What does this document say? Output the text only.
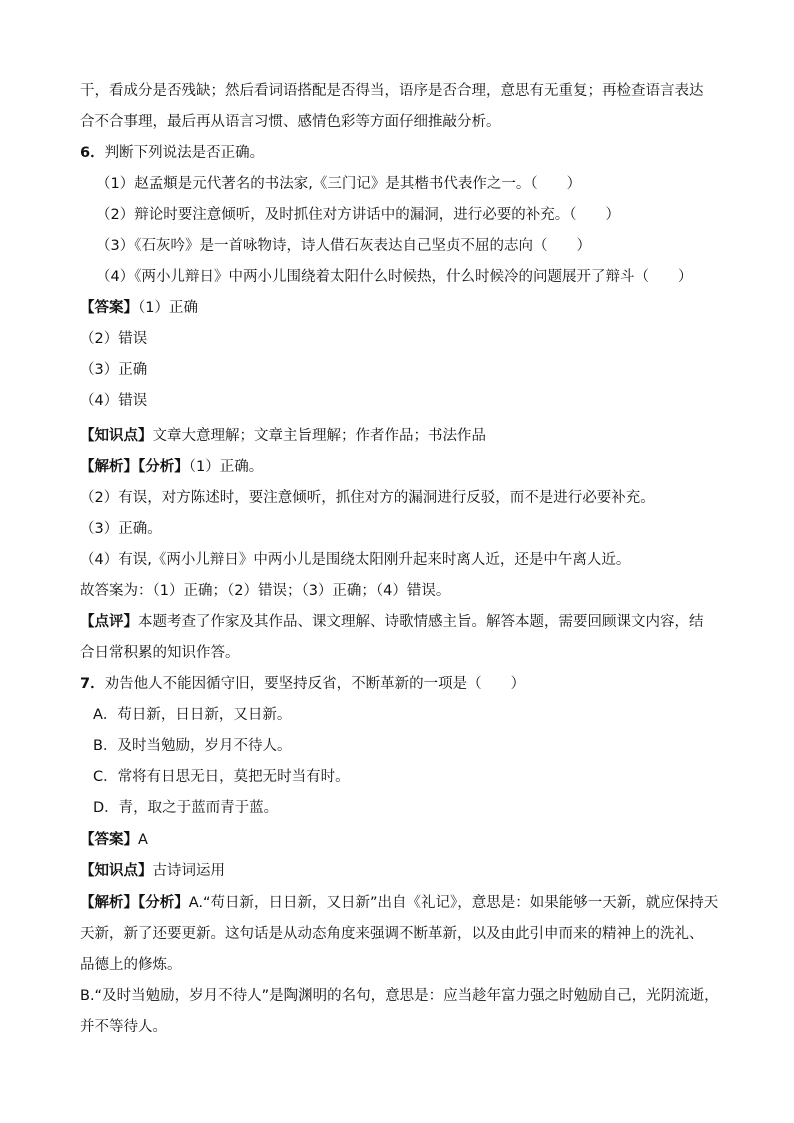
干，看成分是否残缺；然后看词语搭配是否得当，语序是否合理，意思有无重复；再检查语言表达
合不合事理，最后再从语言习惯、感情色彩等方面仔细推敲分析。
6．判断下列说法是否正确。
（1）赵孟頫是元代著名的书法家,《三门记》是其楷书代表作之一。（　　）
（2）辩论时要注意倾听，及时抓住对方讲话中的漏洞，进行必要的补充。（　　）
（3）《石灰吟》是一首咏物诗，诗人借石灰表达自己坚贞不屈的志向（　　）
（4）《两小儿辩日》中两小儿围绕着太阳什么时候热，什么时候冷的问题展开了辩斗（　　）
【答案】（1）正确
（2）错误
（3）正确
（4）错误
【知识点】文章大意理解；文章主旨理解；作者作品；书法作品
【解析】【分析】（1）正确。
（2）有误，对方陈述时，要注意倾听，抓住对方的漏洞进行反驳，而不是进行必要补充。
（3）正确。
（4）有误,《两小儿辩日》中两小儿是围绕太阳刚升起来时离人近，还是中午离人近。
故答案为：（1）正确；（2）错误；（3）正确；（4）错误。
【点评】本题考查了作家及其作品、课文理解、诗歌情感主旨。解答本题，需要回顾课文内容，结
合日常积累的知识作答。
7．劝告他人不能因循守旧，要坚持反省，不断革新的一项是（　　）
A．苟日新，日日新，又日新。
B．及时当勉励，岁月不待人。
C．常将有日思无日，莫把无时当有时。
D．青，取之于蓝而青于蓝。
【答案】A
【知识点】古诗词运用
【解析】【分析】A.“苟日新，日日新，又日新”出自《礼记》，意思是：如果能够一天新，就应保持天
天新，新了还要更新。这句话是从动态角度来强调不断革新，以及由此引申而来的精神上的洗礼、
品德上的修炼。
B.“及时当勉励，岁月不待人”是陶渊明的名句，意思是：应当趁年富力强之时勉励自己，光阴流逝，
并不等待人。
